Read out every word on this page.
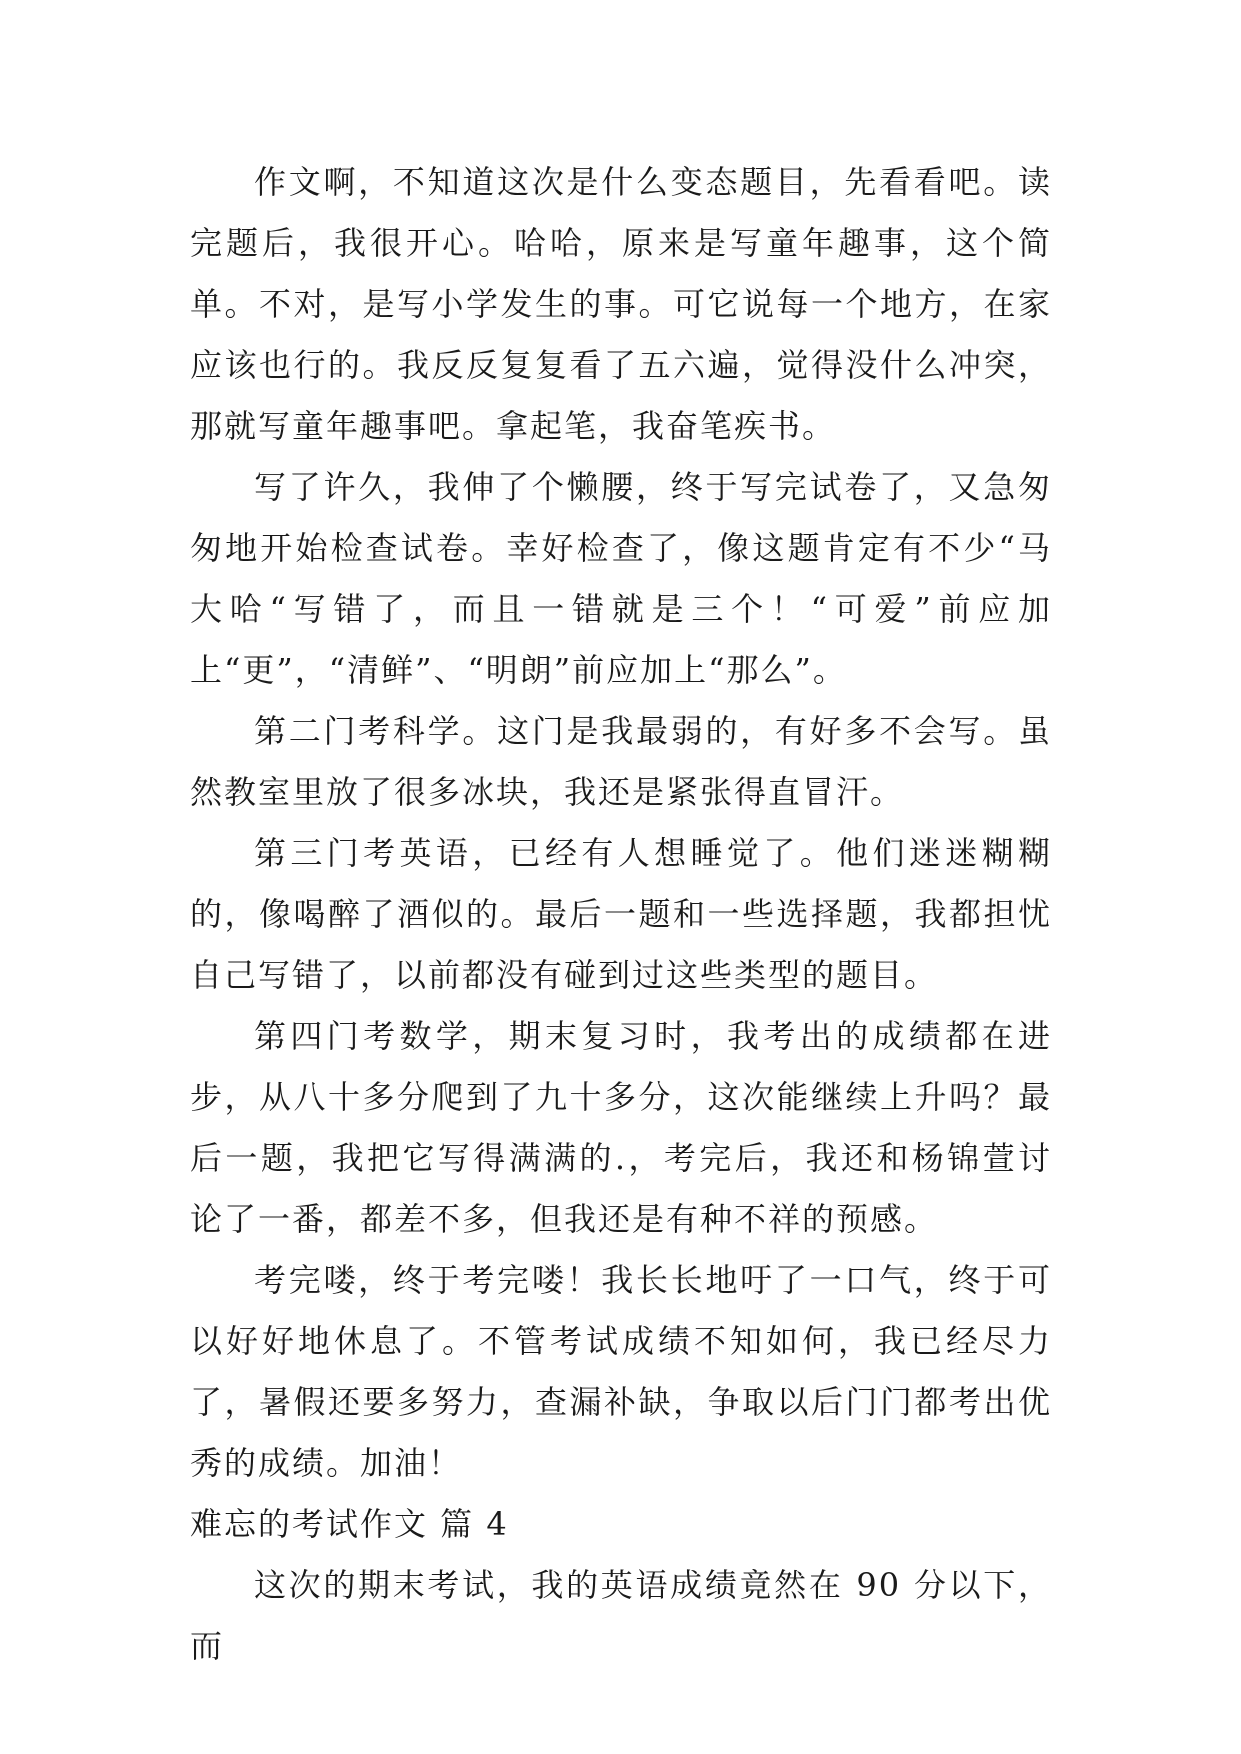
作文啊，不知道这次是什么变态题目，先看看吧。读完题后，我很开心。哈哈，原来是写童年趣事，这个简单。不对，是写小学发生的事。可它说每一个地方，在家应该也行的。我反反复复看了五六遍，觉得没什么冲突，那就写童年趣事吧。拿起笔，我奋笔疾书。

写了许久，我伸了个懒腰，终于写完试卷了，又急匆匆地开始检查试卷。幸好检查了，像这题肯定有不少“马大哈“写错了，而且一错就是三个！“可爱”前应加上“更”，“清鲜”、“明朗”前应加上“那么”。

第二门考科学。这门是我最弱的，有好多不会写。虽然教室里放了很多冰块，我还是紧张得直冒汗。

第三门考英语，已经有人想睡觉了。他们迷迷糊糊的，像喝醉了酒似的。最后一题和一些选择题，我都担忧自己写错了，以前都没有碰到过这些类型的题目。

第四门考数学，期末复习时，我考出的成绩都在进步，从八十多分爬到了九十多分，这次能继续上升吗？最后一题，我把它写得满满的.，考完后，我还和杨锦萱讨论了一番，都差不多，但我还是有种不祥的预感。

考完喽，终于考完喽！我长长地吁了一口气，终于可以好好地休息了。不管考试成绩不知如何，我已经尽力了，暑假还要多努力，查漏补缺，争取以后门门都考出优秀的成绩。加油！

难忘的考试作文 篇 4

这次的期末考试，我的英语成绩竟然在 90 分以下，而
